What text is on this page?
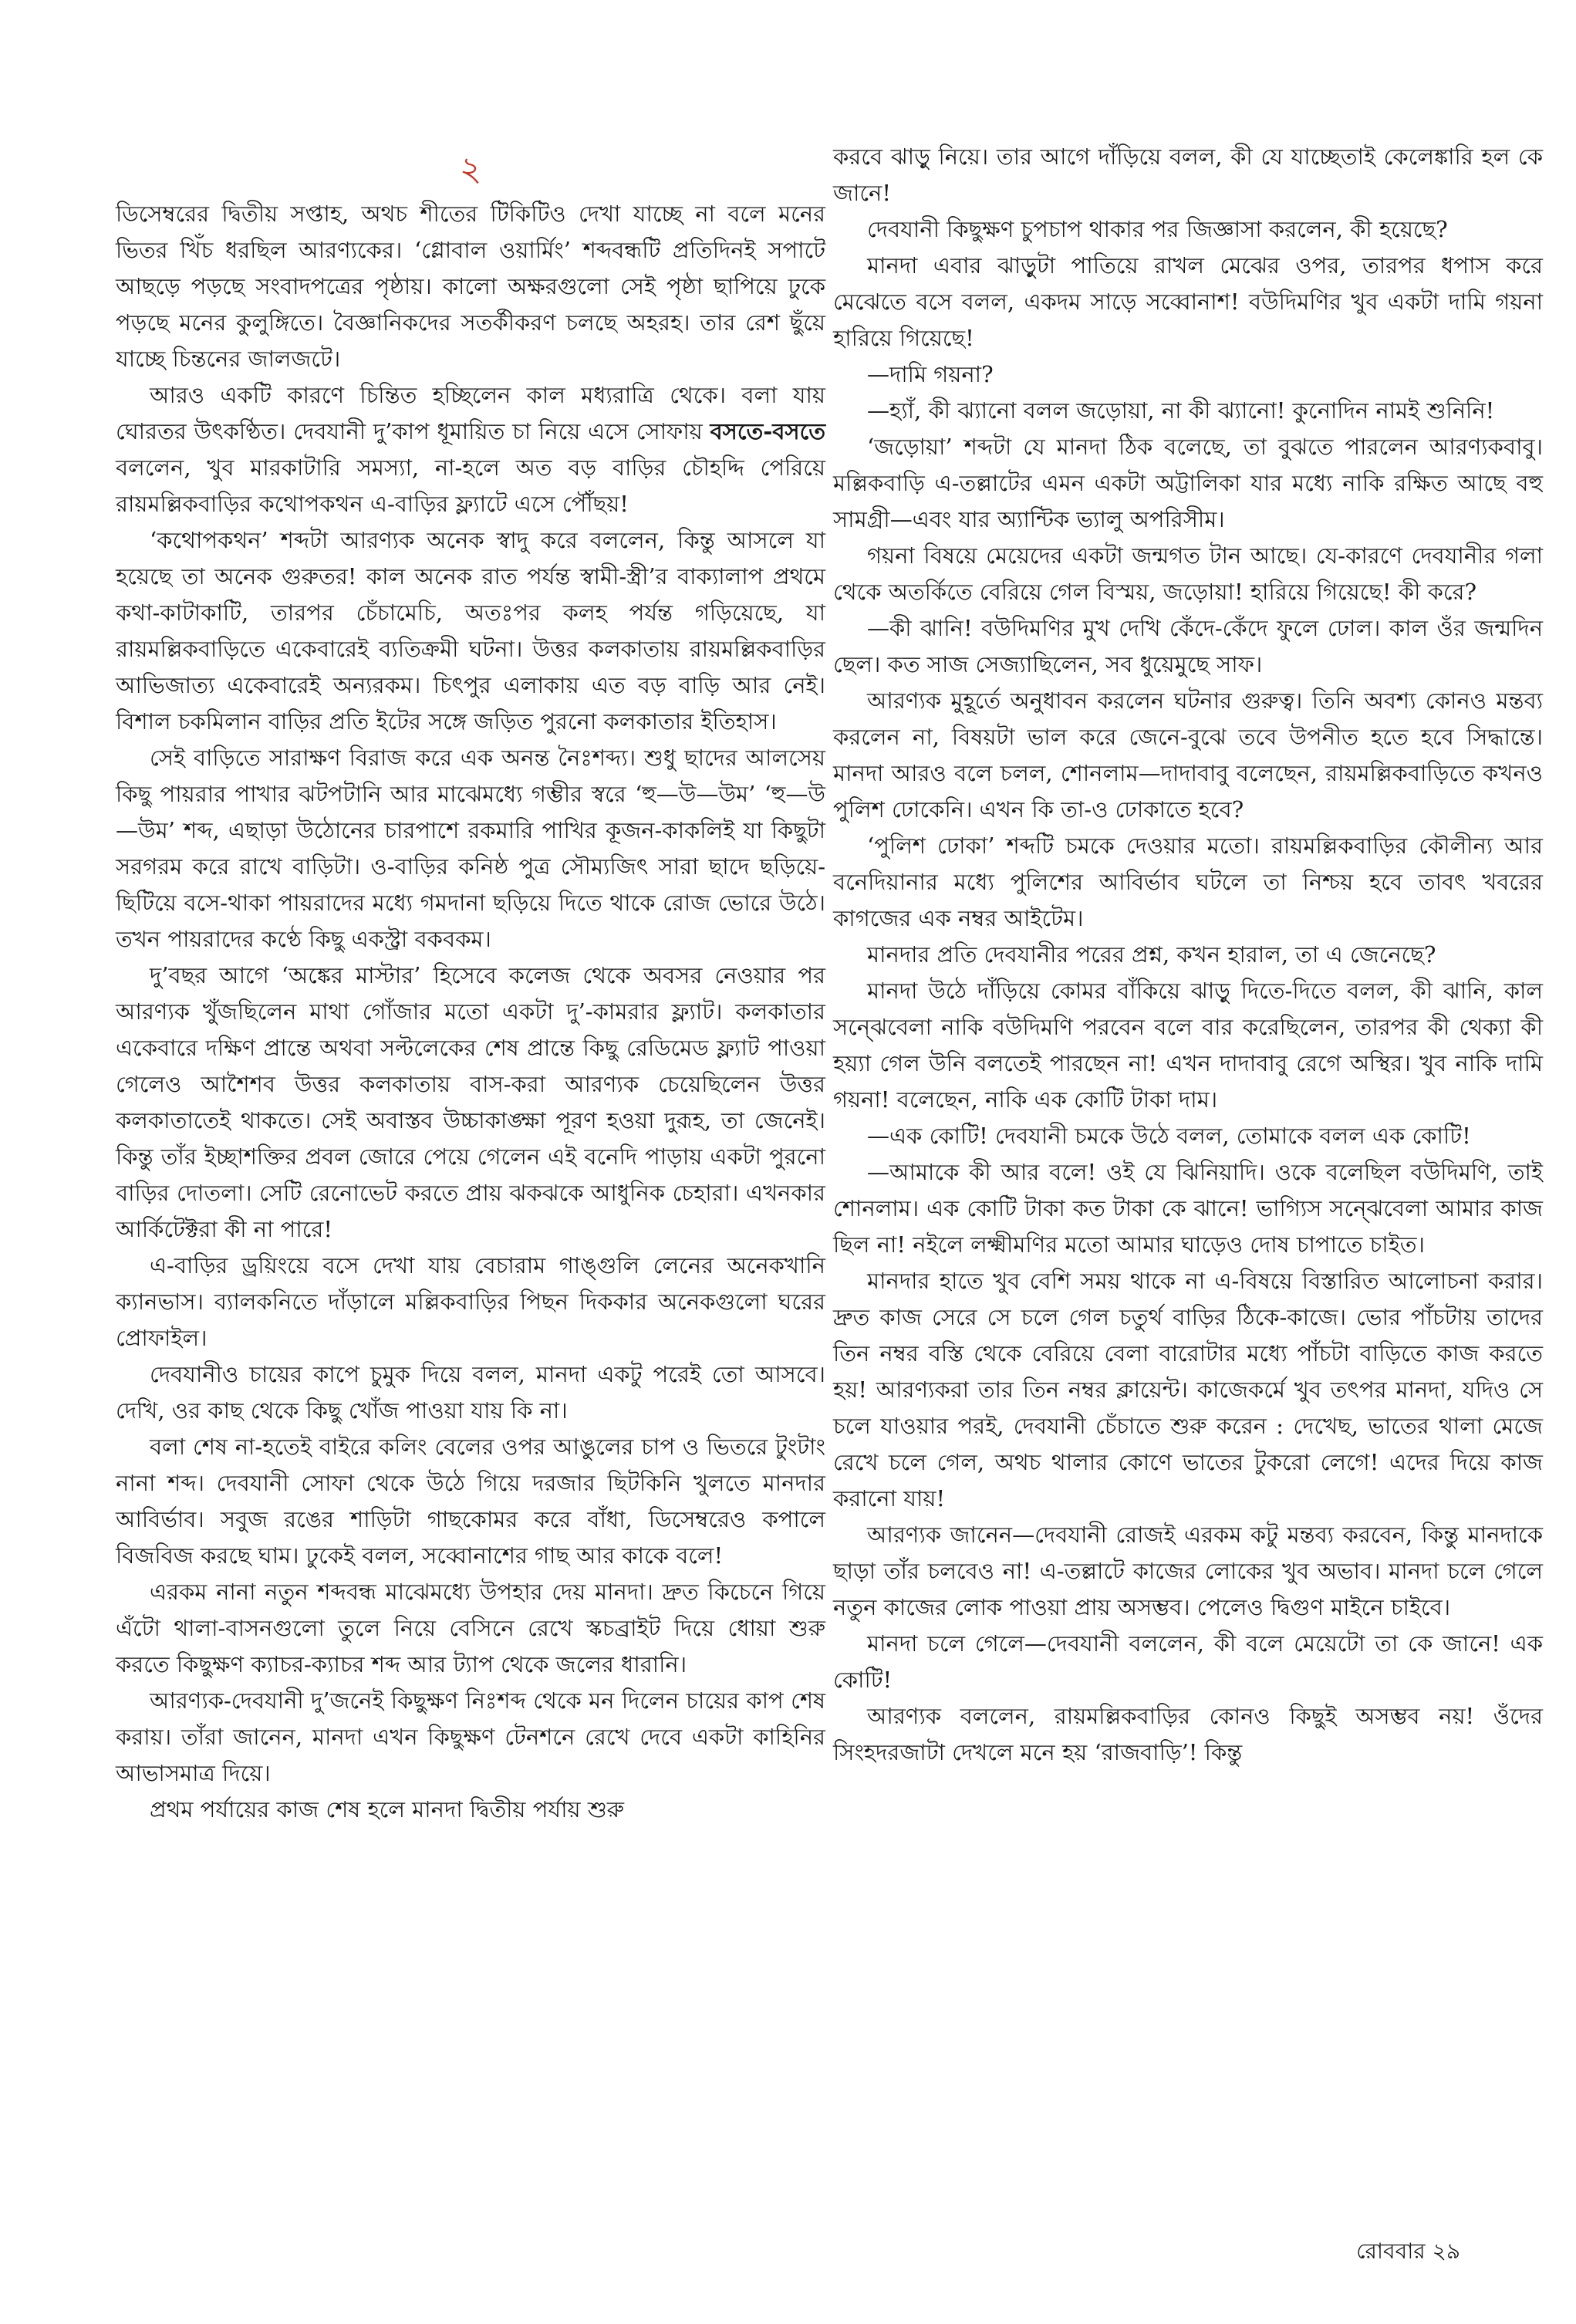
২

ডিসেম্বরের দ্বিতীয় সপ্তাহ, অথচ শীতের টিকিটিও দেখা যাচ্ছে না বলে মনের ভিতর খিঁচ ধরছিল আরণ্যকের। ‘গ্লোবাল ওয়ার্মিং’ শব্দবন্ধটি প্রতিদিনই সপাটে আছড়ে পড়ছে সংবাদপত্রের পৃষ্ঠায়। কালো অক্ষরগুলো সেই পৃষ্ঠা ছাপিয়ে ঢুকে পড়ছে মনের কুলুঙ্গিতে। বৈজ্ঞানিকদের সতর্কীকরণ চলছে অহরহ। তার রেশ ছুঁয়ে যাচ্ছে চিন্তনের জালজটে।

আরও একটি কারণে চিন্তিত হচ্ছিলেন কাল মধ্যরাত্রি থেকে। বলা যায় ঘোরতর উৎকণ্ঠিত। দেবযানী দু’কাপ ধূমায়িত চা নিয়ে এসে সোফায় বসতে-বসতে বললেন, খুব মারকাটারি সমস্যা, না-হলে অত বড় বাড়ির চৌহদ্দি পেরিয়ে রায়মল্লিকবাড়ির কথোপকথন এ-বাড়ির ফ্ল্যাটে এসে পৌঁছয়!

‘কথোপকথন’ শব্দটা আরণ্যক অনেক স্বাদু করে বললেন, কিন্তু আসলে যা হয়েছে তা অনেক গুরুতর! কাল অনেক রাত পর্যন্ত স্বামী-স্ত্রী’র বাক্যালাপ প্রথমে কথা-কাটাকাটি, তারপর চেঁচামেচি, অতঃপর কলহ পর্যন্ত গড়িয়েছে, যা রায়মল্লিকবাড়িতে একেবারেই ব্যতিক্রমী ঘটনা। উত্তর কলকাতায় রায়মল্লিকবাড়ির আভিজাত্য একেবারেই অন্যরকম। চিৎপুর এলাকায় এত বড় বাড়ি আর নেই। বিশাল চকমিলান বাড়ির প্রতি ইটের সঙ্গে জড়িত পুরনো কলকাতার ইতিহাস।

সেই বাড়িতে সারাক্ষণ বিরাজ করে এক অনন্ত নৈঃশব্দ্য। শুধু ছাদের আলসেয় কিছু পায়রার পাখার ঝটপটানি আর মাঝেমধ্যে গম্ভীর স্বরে ‘হু—উ—উম’ ‘হু—উ—উম’ শব্দ, এছাড়া উঠোনের চারপাশে রকমারি পাখির কূজন-কাকলিই যা কিছুটা সরগরম করে রাখে বাড়িটা। ও-বাড়ির কনিষ্ঠ পুত্র সৌম্যজিৎ সারা ছাদে ছড়িয়ে-ছিটিয়ে বসে-থাকা পায়রাদের মধ্যে গমদানা ছড়িয়ে দিতে থাকে রোজ ভোরে উঠে। তখন পায়রাদের কণ্ঠে কিছু একস্ট্রা বকবকম।

দু’বছর আগে ‘অঙ্কের মাস্টার’ হিসেবে কলেজ থেকে অবসর নেওয়ার পর আরণ্যক খুঁজছিলেন মাথা গোঁজার মতো একটা দু’-কামরার ফ্ল্যাট। কলকাতার একেবারে দক্ষিণ প্রান্তে অথবা সল্টলেকের শেষ প্রান্তে কিছু রেডিমেড ফ্ল্যাট পাওয়া গেলেও আশৈশব উত্তর কলকাতায় বাস-করা আরণ্যক চেয়েছিলেন উত্তর কলকাতাতেই থাকতে। সেই অবাস্তব উচ্চাকাঙ্ক্ষা পূরণ হওয়া দুরূহ, তা জেনেই। কিন্তু তাঁর ইচ্ছাশক্তির প্রবল জোরে পেয়ে গেলেন এই বনেদি পাড়ায় একটা পুরনো বাড়ির দোতলা। সেটি রেনোভেট করতে প্রায় ঝকঝকে আধুনিক চেহারা। এখনকার আর্কিটেক্টরা কী না পারে!

এ-বাড়ির ড্রয়িংয়ে বসে দেখা যায় বেচারাম গাঙ্গুলি লেনের অনেকখানি ক্যানভাস। ব্যালকনিতে দাঁড়ালে মল্লিকবাড়ির পিছন দিককার অনেকগুলো ঘরের প্রোফাইল।

দেবযানীও চায়ের কাপে চুমুক দিয়ে বলল, মানদা একটু পরেই তো আসবে। দেখি, ওর কাছ থেকে কিছু খোঁজ পাওয়া যায় কি না।

বলা শেষ না-হতেই বাইরে কলিং বেলের ওপর আঙুলের চাপ ও ভিতরে টুংটাং নানা শব্দ। দেবযানী সোফা থেকে উঠে গিয়ে দরজার ছিটকিনি খুলতে মানদার আবির্ভাব। সবুজ রঙের শাড়িটা গাছকোমর করে বাঁধা, ডিসেম্বরেও কপালে বিজবিজ করছে ঘাম। ঢুকেই বলল, সব্বোনাশের গাছ আর কাকে বলে!

এরকম নানা নতুন শব্দবন্ধ মাঝেমধ্যে উপহার দেয় মানদা। দ্রুত কিচেনে গিয়ে এঁটো থালা-বাসনগুলো তুলে নিয়ে বেসিনে রেখে স্কচব্রাইট দিয়ে ধোয়া শুরু করতে কিছুক্ষণ ক্যাচর-ক্যাচর শব্দ আর ট্যাপ থেকে জলের ধারানি।

আরণ্যক-দেবযানী দু’জনেই কিছুক্ষণ নিঃশব্দ থেকে মন দিলেন চায়ের কাপ শেষ করায়। তাঁরা জানেন, মানদা এখন কিছুক্ষণ টেনশনে রেখে দেবে একটা কাহিনির আভাসমাত্র দিয়ে।

প্রথম পর্যায়ের কাজ শেষ হলে মানদা দ্বিতীয় পর্যায় শুরু

করবে ঝাড়ু নিয়ে। তার আগে দাঁড়িয়ে বলল, কী যে যাচ্ছেতাই কেলেঙ্কারি হল কে জানে!

দেবযানী কিছুক্ষণ চুপচাপ থাকার পর জিজ্ঞাসা করলেন, কী হয়েছে?

মানদা এবার ঝাড়ুটা পাতিয়ে রাখল মেঝের ওপর, তারপর ধপাস করে মেঝেতে বসে বলল, একদম সাড়ে সব্বোনাশ! বউদিমণির খুব একটা দামি গয়না হারিয়ে গিয়েছে!

—দামি গয়না?

—হ্যাঁ, কী ঝ্যানো বলল জড়োয়া, না কী ঝ্যানো! কুনোদিন নামই শুনিনি!

‘জড়োয়া’ শব্দটা যে মানদা ঠিক বলেছে, তা বুঝতে পারলেন আরণ্যকবাবু। মল্লিকবাড়ি এ-তল্লাটের এমন একটা অট্টালিকা যার মধ্যে নাকি রক্ষিত আছে বহু সামগ্রী—এবং যার অ্যান্টিক ভ্যালু অপরিসীম।

গয়না বিষয়ে মেয়েদের একটা জন্মগত টান আছে। যে-কারণে দেবযানীর গলা থেকে অতর্কিতে বেরিয়ে গেল বিস্ময়, জড়োয়া! হারিয়ে গিয়েছে! কী করে?

—কী ঝানি! বউদিমণির মুখ দেখি কেঁদে-কেঁদে ফুলে ঢোল। কাল ওঁর জন্মদিন ছেল। কত সাজ সেজ্যাছিলেন, সব ধুয়েমুছে সাফ।

আরণ্যক মুহূর্তে অনুধাবন করলেন ঘটনার গুরুত্ব। তিনি অবশ্য কোনও মন্তব্য করলেন না, বিষয়টা ভাল করে জেনে-বুঝে তবে উপনীত হতে হবে সিদ্ধান্তে। মানদা আরও বলে চলল, শোনলাম—দাদাবাবু বলেছেন, রায়মল্লিকবাড়িতে কখনও পুলিশ ঢোকেনি। এখন কি তা-ও ঢোকাতে হবে?

‘পুলিশ ঢোকা’ শব্দটি চমকে দেওয়ার মতো। রায়মল্লিকবাড়ির কৌলীন্য আর বনেদিয়ানার মধ্যে পুলিশের আবির্ভাব ঘটলে তা নিশ্চয় হবে তাবৎ খবরের কাগজের এক নম্বর আইটেম।

মানদার প্রতি দেবযানীর পরের প্রশ্ন, কখন হারাল, তা এ জেনেছে?

মানদা উঠে দাঁড়িয়ে কোমর বাঁকিয়ে ঝাড়ু দিতে-দিতে বলল, কী ঝানি, কাল সন্ঝেবেলা নাকি বউদিমণি পরবেন বলে বার করেছিলেন, তারপর কী থেক্যা কী হয়্যা গেল উনি বলতেই পারছেন না! এখন দাদাবাবু রেগে অস্থির। খুব নাকি দামি গয়না! বলেছেন, নাকি এক কোটি টাকা দাম।

—এক কোটি! দেবযানী চমকে উঠে বলল, তোমাকে বলল এক কোটি!

—আমাকে কী আর বলে! ওই যে ঝিনিয়াদি। ওকে বলেছিল বউদিমণি, তাই শোনলাম। এক কোটি টাকা কত টাকা কে ঝানে! ভাগ্যিস সন্ঝেবেলা আমার কাজ ছিল না! নইলে লক্ষ্মীমণির মতো আমার ঘাড়েও দোষ চাপাতে চাইত।

মানদার হাতে খুব বেশি সময় থাকে না এ-বিষয়ে বিস্তারিত আলোচনা করার। দ্রুত কাজ সেরে সে চলে গেল চতুর্থ বাড়ির ঠিকে-কাজে। ভোর পাঁচটায় তাদের তিন নম্বর বস্তি থেকে বেরিয়ে বেলা বারোটার মধ্যে পাঁচটা বাড়িতে কাজ করতে হয়! আরণ্যকরা তার তিন নম্বর ক্লায়েন্ট। কাজেকর্মে খুব তৎপর মানদা, যদিও সে চলে যাওয়ার পরই, দেবযানী চেঁচাতে শুরু করেন : দেখেছ, ভাতের থালা মেজে রেখে চলে গেল, অথচ থালার কোণে ভাতের টুকরো লেগে! এদের দিয়ে কাজ করানো যায়!

আরণ্যক জানেন—দেবযানী রোজই এরকম কটু মন্তব্য করবেন, কিন্তু মানদাকে ছাড়া তাঁর চলবেও না! এ-তল্লাটে কাজের লোকের খুব অভাব। মানদা চলে গেলে নতুন কাজের লোক পাওয়া প্রায় অসম্ভব। পেলেও দ্বিগুণ মাইনে চাইবে।

মানদা চলে গেলে—দেবযানী বললেন, কী বলে মেয়েটো তা কে জানে! এক কোটি!

আরণ্যক বললেন, রায়মল্লিকবাড়ির কোনও কিছুই অসম্ভব নয়! ওঁদের সিংহদরজাটা দেখলে মনে হয় ‘রাজবাড়ি’! কিন্তু

রোববার ২৯
